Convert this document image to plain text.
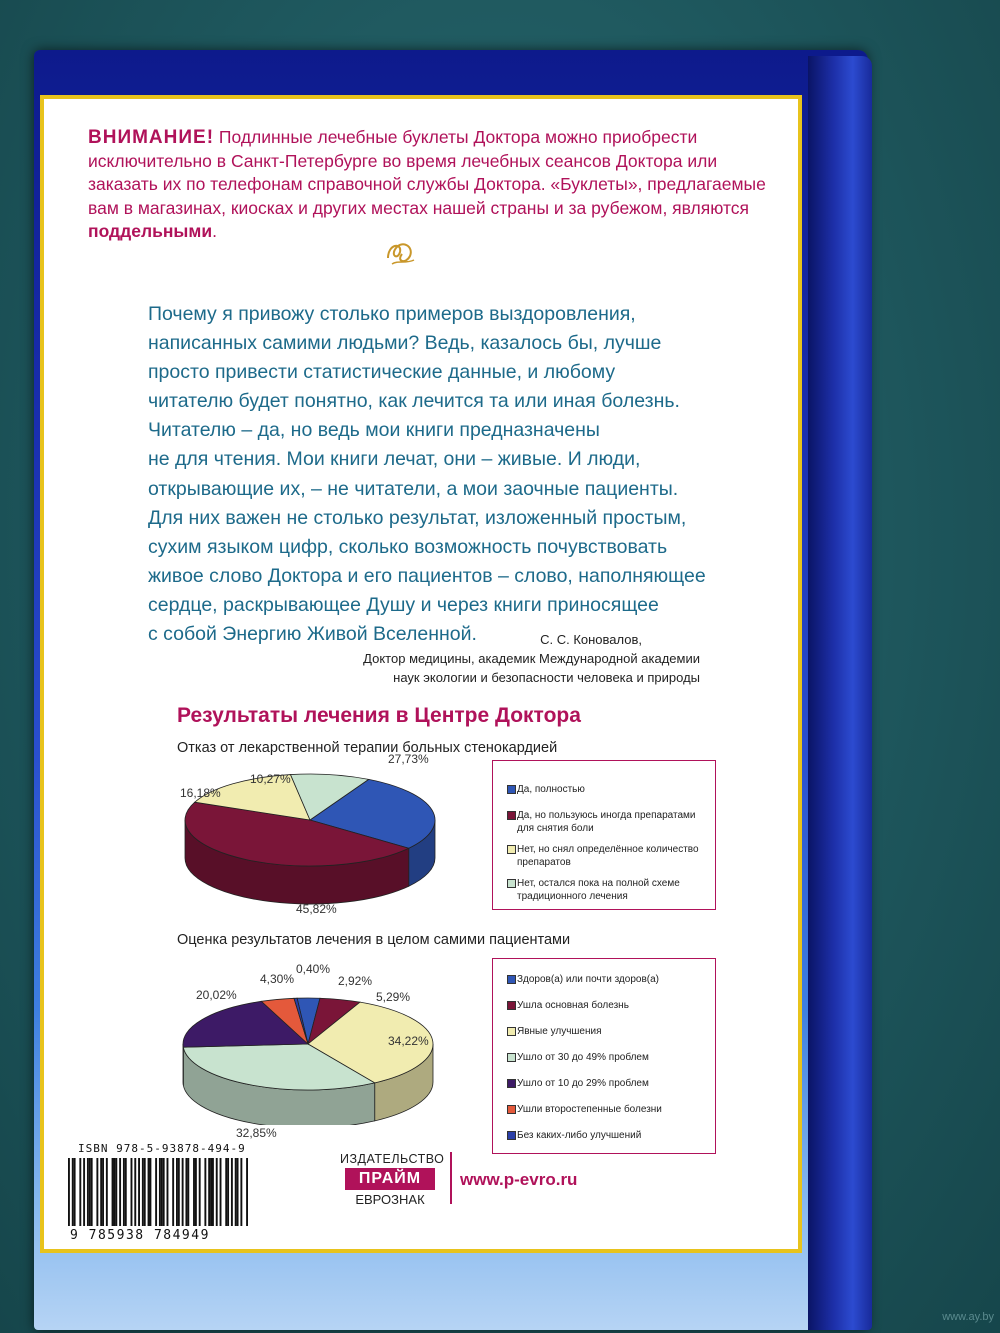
ВНИМАНИЕ! Подлинные лечебные буклеты Доктора можно приобрести исключительно в Санкт-Петербурге во время лечебных сеансов Доктора или заказать их по телефонам справочной службы Доктора. «Буклеты», предлагаемые вам в магазинах, киосках и других местах нашей страны и за рубежом, являются поддельными.
Почему я привожу столько примеров выздоровления,
написанных самими людьми? Ведь, казалось бы, лучше
просто привести статистические данные, и любому
читателю будет понятно, как лечится та или иная болезнь.
Читателю – да, но ведь мои книги предназначены
не для чтения. Мои книги лечат, они – живые. И люди,
открывающие их, – не читатели, а мои заочные пациенты.
Для них важен не столько результат, изложенный простым,
сухим языком цифр, сколько возможность почувствовать
живое слово Доктора и его пациентов – слово, наполняющее
сердце, раскрывающее Душу и через книги приносящее
с собой Энергию Живой Вселенной.	С. С. Коновалов,
Доктор медицины, академик Международной академии
наук экологии и безопасности человека и природы
Результаты лечения в Центре Доктора
Отказ от лекарственной терапии больных стенокардией
Оценка результатов лечения в целом самими пациентами
27,73%
45,82%
16,18%
10,27%
2,92%
5,29%
34,22%
32,85%
20,02%
4,30%
0,40%
Да, полностью
Да, но пользуюсь иногда препаратами для снятия боли
Нет, но снял определённое количество препаратов
Нет, остался пока на полной схеме традиционного лечения
Здоров(а) или почти здоров(а)
Ушла основная болезнь
Явные улучшения
Ушло от 30 до 49% проблем
Ушло от 10 до 29% проблем
Ушли второстепенные болезни
Без каких-либо улучшений
ISBN 978-5-93878-494-9
9 785938 784949
ИЗДАТЕЛЬСТВО
ПРАЙМ
ЕВРОЗНАК
www.p-evro.ru
www.ay.by
